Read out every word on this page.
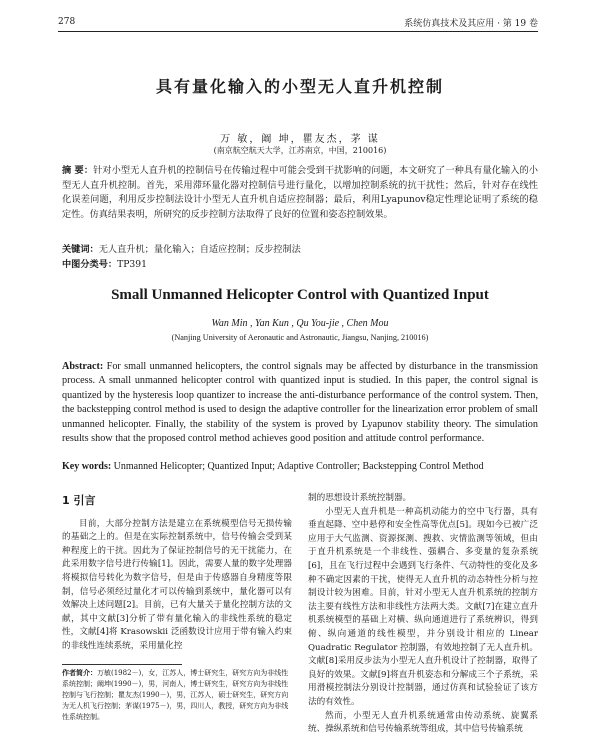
278	系统仿真技术及其应用 · 第 19 卷
具有量化输入的小型无人直升机控制
万 敏，阚 坤，瞿友杰，茅 谋
(南京航空航天大学，江苏南京，中国，210016)
摘 要：针对小型无人直升机的控制信号在传输过程中可能会受到干扰影响的问题，本文研究了一种具有量化输入的小型无人直升机控制。首先，采用滞环量化器对控制信号进行量化，以增加控制系统的抗干扰性；然后，针对存在线性化误差问题，利用反步控制法设计小型无人直升机自适应控制器；最后，利用Lyapunov稳定性理论证明了系统的稳定性。仿真结果表明，所研究的反步控制方法取得了良好的位置和姿态控制效果。
关键词：无人直升机；量化输入；自适应控制；反步控制法
中图分类号：TP391
Small Unmanned Helicopter Control with Quantized Input
Wan Min , Yan Kun , Qu You-jie , Chen Mou
(Nanjing University of Aeronautic and Astronautic, Jiangsu, Nanjing, 210016)
Abstract: For small unmanned helicopters, the control signals may be affected by disturbance in the transmission process. A small unmanned helicopter control with quantized input is studied. In this paper, the control signal is quantized by the hysteresis loop quantizer to increase the anti-disturbance performance of the control system. Then, the backstepping control method is used to design the adaptive controller for the linearization error problem of small unmanned helicopter. Finally, the stability of the system is proved by Lyapunov stability theory. The simulation results show that the proposed control method achieves good position and attitude control performance.
Key words: Unmanned Helicopter; Quantized Input; Adaptive Controller; Backstepping Control Method
1 引言

目前，大部分控制方法是建立在系统模型信号无损传输的基础之上的。但是在实际控制系统中，信号传输会受到某种程度上的干扰。因此为了保证控制信号的无干扰能力，在此采用数字信号进行传输[1]。因此，需要人量的数字处理器将模拟信号转化为数字信号，但是由于传感器自身精度等限制，信号必须经过量化才可以传输到系统中，量化器可以有效解决上述问题[2]。目前，已有大量关于量化控制方法的文献，其中文献[3]分析了带有量化输入的非线性系统的稳定性，文献[4]将 Krasowskii 泛函数设计应用于带有输入约束的非线性连续系统，采用量化控

制的思想设计系统控制器。

小型无人直升机是一种高机动能力的空中飞行器，具有垂直起降、空中悬停和安全性高等优点[5]。现如今已被广泛应用于大气监测、资源探测、搜救、灾情监测等领域，但由于直升机系统是一个非线性、强耦合、多变量的复杂系统[6]，且在飞行过程中会遇到飞行条件、气动特性的变化及多种不确定因素的干扰，使得无人直升机的动态特性分析与控制设计较为困难。目前，针对小型无人直升机系统的控制方法主要有线性方法和非线性方法两大类。文献[7]在建立直升机系统模型的基础上对横、纵向通道进行了系统辨识，得到俯、纵向通道的线性模型，并分别设计相应的 Linear Quadratic Regulator 控制器，有效地控制了无人直升机。文献[8]采用反步法为小型无人直升机设计了控制器，取得了良好的效果。文献[9]将直升机姿态和分解成三个子系统，采用滑模控制法分别设计控制器，通过仿真和试验验证了该方法的有效性。

然而，小型无人直升机系统通常由传动系统、旋翼系统、操纵系统和信号传输系统等组成，其中信号传输系统

作者简介：万敏(1982－)，女，江苏人，博士研究生，研究方向为非线性系统控制；阚坤(1990－)，男，河南人，博士研究生，研究方向为非线性控制与飞行控制；瞿友杰(1990－)，男，江苏人，硕士研究生，研究方向为无人机飞行控制；茅谋(1975－)，男，四川人，教授，研究方向为非线性系统控制。
